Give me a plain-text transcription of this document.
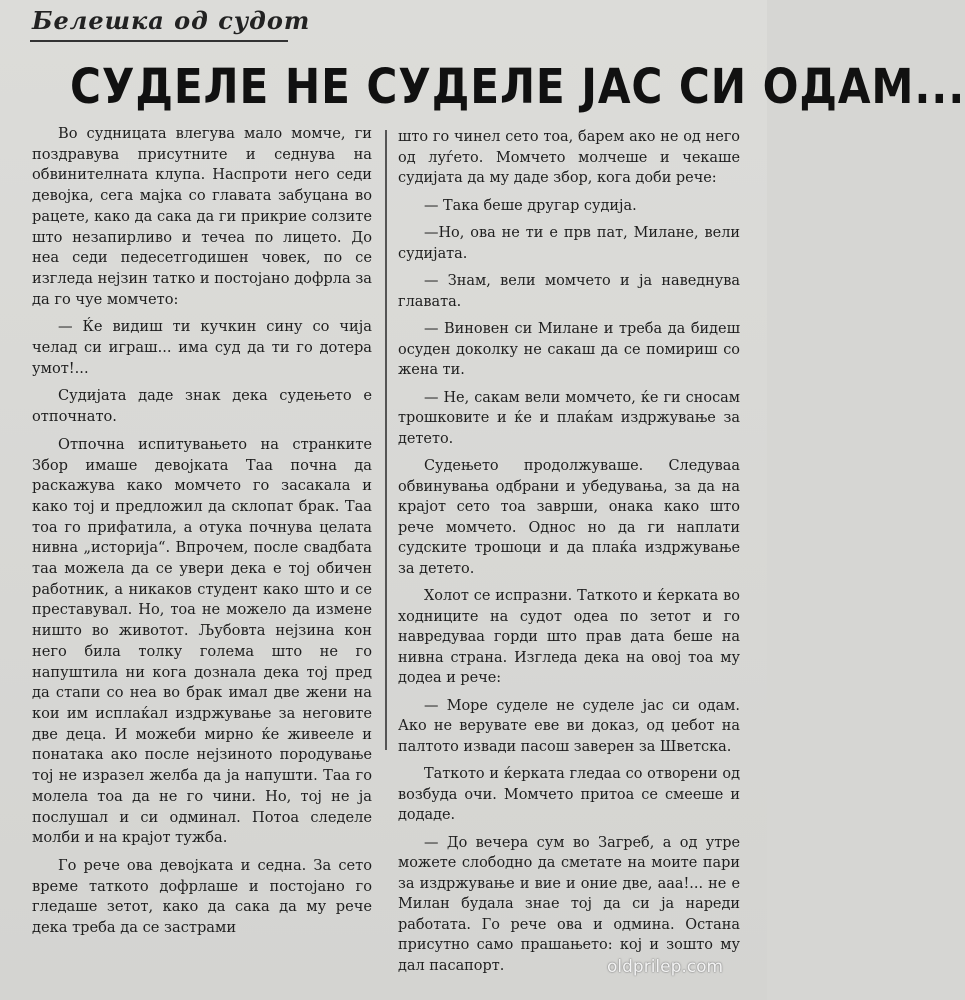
Белешка од судот
СУДЕЛЕ НЕ СУДЕЛЕ ЈАС СИ ОДАМ...

Во судницата влегува мало момче, ги поздравува присутните и седнува на обвинителната клупа. Наспроти него седи девојка, сега мајка со главата забуцана во рацете, како да сака да ги прикрие солзите што незапирливо и течеа по лицето. До неа седи педесетгодишен човек, по се изгледа нејзин татко и постојано дофрла за да го чуе момчето:

— Ќе видиш ти кучкин сину со чија челад си играш... има суд да ти го дотера умот!...

Судијата даде знак дека судењето е отпочнато.

Отпочна испитувањето на странките Збор имаше девојката Таа почна да раскажува како момчето го засакала и како тој и предложил да склопат брак. Таа тоа го прифатила, а отука почнува целата нивна „историја“. Впрочем, после свадбата таа можела да се увери дека е тој обичен работник, а никаков студент како што и се преставувал. Но, тоа не можело да измене ништо во животот. Љубовта нејзина кон него била толку голема што не го напуштила ни кога дознала дека тој пред да стапи со неа во брак имал две жени на кои им исплаќал издржување за неговите две деца. И можеби мирно ќе живееле и понатака ако после нејзиното породување тој не изразел желба да ја напушти. Таа го молела тоа да не го чини. Но, тој не ја послушал и си одминал. Потоа следеле молби и на крајот тужба.

Го рече ова девојката и седна. За сето време таткото дофрлаше и постојано го гледаше зетот, како да сака да му рече дека треба да се застрами

што го чинел сето тоа, барем ако не од него од луѓето. Момчето молчеше и чекаше судијата да му даде збор, кога доби рече:

— Така беше другар судија.

—Но, ова не ти е прв пат, Милане, вели судијата.

— Знам, вели момчето и ја наведнува главата.

— Виновен си Милане и треба да бидеш осуден доколку не сакаш да се помириш со жена ти.

— Не, сакам вели момчето, ќе ги сносам трошковите и ќе и плаќам издржување за детето.

Судењето продолжуваше. Следуваа обвинувања одбрани и убедувања, за да на крајот сето тоа заврши, онака како што рече момчето. Однос но да ги наплати судските трошоци и да плаќа издржување за детето.

Холот се испразни. Таткото и ќерката во ходниците на судот одеа по зетот и го навредуваа горди што прав дата беше на нивна страна. Изгледа дека на овој тоа му додеа и рече:

— Море суделе не суделе јас си одам. Ако не верувате еве ви доказ, од џебот на палтото извади пасош заверен за Шветска.

Таткото и ќерката гледаа со отворени од возбуда очи. Момчето притоа се смееше и додаде.

— До вечера сум во Загреб, а од утре можете слободно да сметате на моите пари за издржување и вие и оние две, ааа!... не е Милан будала знае тој да си ја нареди работата. Го рече ова и одмина. Остана присутно само прашањето: кој и зошто му дал пасапорт.	oldprilep.com
